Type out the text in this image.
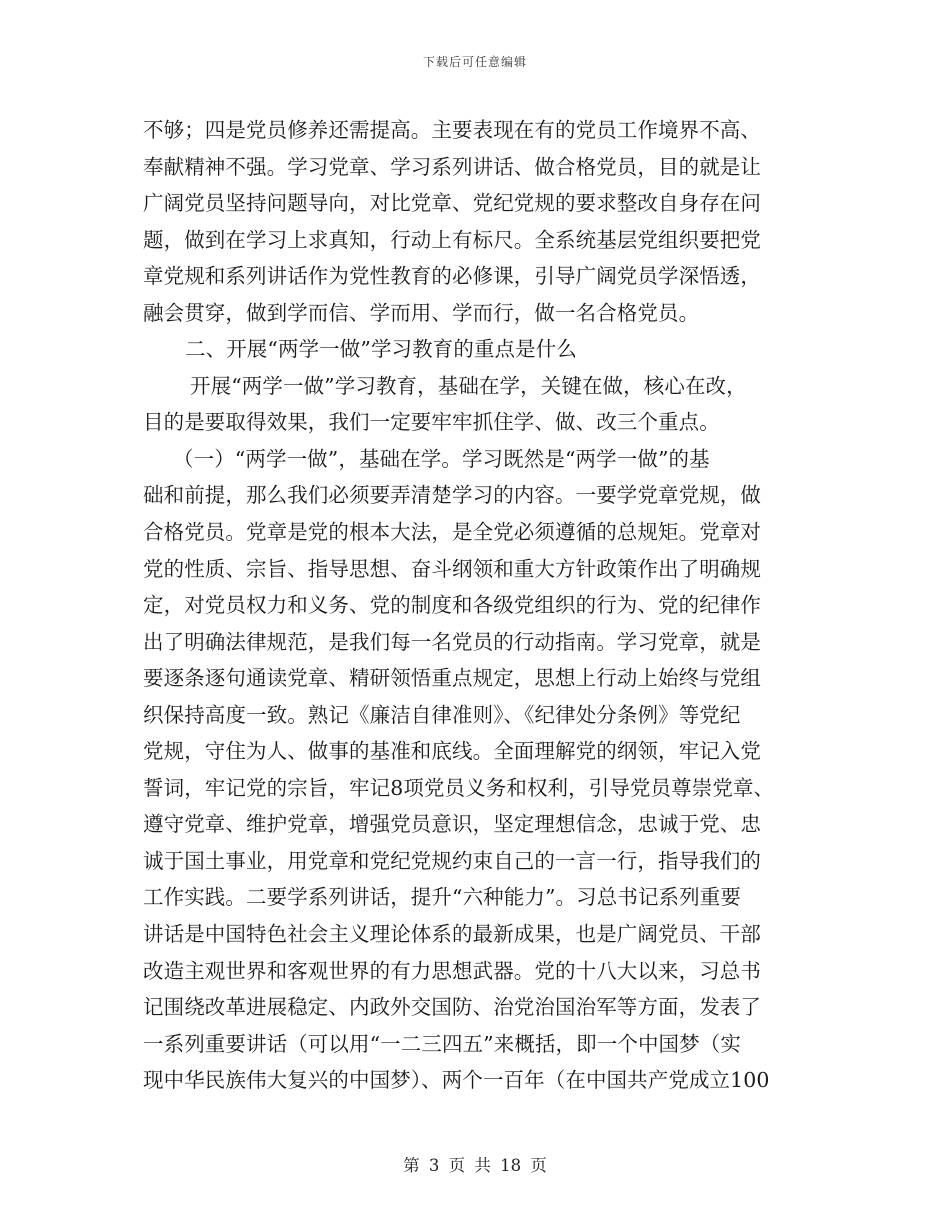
下载后可任意编辑
不够；四是党员修养还需提高。主要表现在有的党员工作境界不高、
奉献精神不强。学习党章、学习系列讲话、做合格党员，目的就是让
广阔党员坚持问题导向，对比党章、党纪党规的要求整改自身存在问
题，做到在学习上求真知，行动上有标尺。全系统基层党组织要把党
章党规和系列讲话作为党性教育的必修课，引导广阔党员学深悟透，
融会贯穿，做到学而信、学而用、学而行，做一名合格党员。
二、开展“两学一做”学习教育的重点是什么
开展“两学一做”学习教育，基础在学，关键在做，核心在改，
目的是要取得效果，我们一定要牢牢抓住学、做、改三个重点。
（一）“两学一做”，基础在学。学习既然是“两学一做”的基
础和前提，那么我们必须要弄清楚学习的内容。一要学党章党规，做
合格党员。党章是党的根本大法，是全党必须遵循的总规矩。党章对
党的性质、宗旨、指导思想、奋斗纲领和重大方针政策作出了明确规
定，对党员权力和义务、党的制度和各级党组织的行为、党的纪律作
出了明确法律规范，是我们每一名党员的行动指南。学习党章，就是
要逐条逐句通读党章、精研领悟重点规定，思想上行动上始终与党组
织保持高度一致。熟记《廉洁自律准则》、《纪律处分条例》等党纪
党规，守住为人、做事的基准和底线。全面理解党的纲领，牢记入党
誓词，牢记党的宗旨，牢记8项党员义务和权利，引导党员尊崇党章、
遵守党章、维护党章，增强党员意识，坚定理想信念，忠诚于党、忠
诚于国土事业，用党章和党纪党规约束自己的一言一行，指导我们的
工作实践。二要学系列讲话，提升“六种能力”。习总书记系列重要
讲话是中国特色社会主义理论体系的最新成果，也是广阔党员、干部
改造主观世界和客观世界的有力思想武器。党的十八大以来，习总书
记围绕改革进展稳定、内政外交国防、治党治国治军等方面，发表了
一系列重要讲话（可以用“一二三四五”来概括，即一个中国梦（实
现中华民族伟大复兴的中国梦）、两个一百年（在中国共产党成立100
第 3 页 共 18 页
